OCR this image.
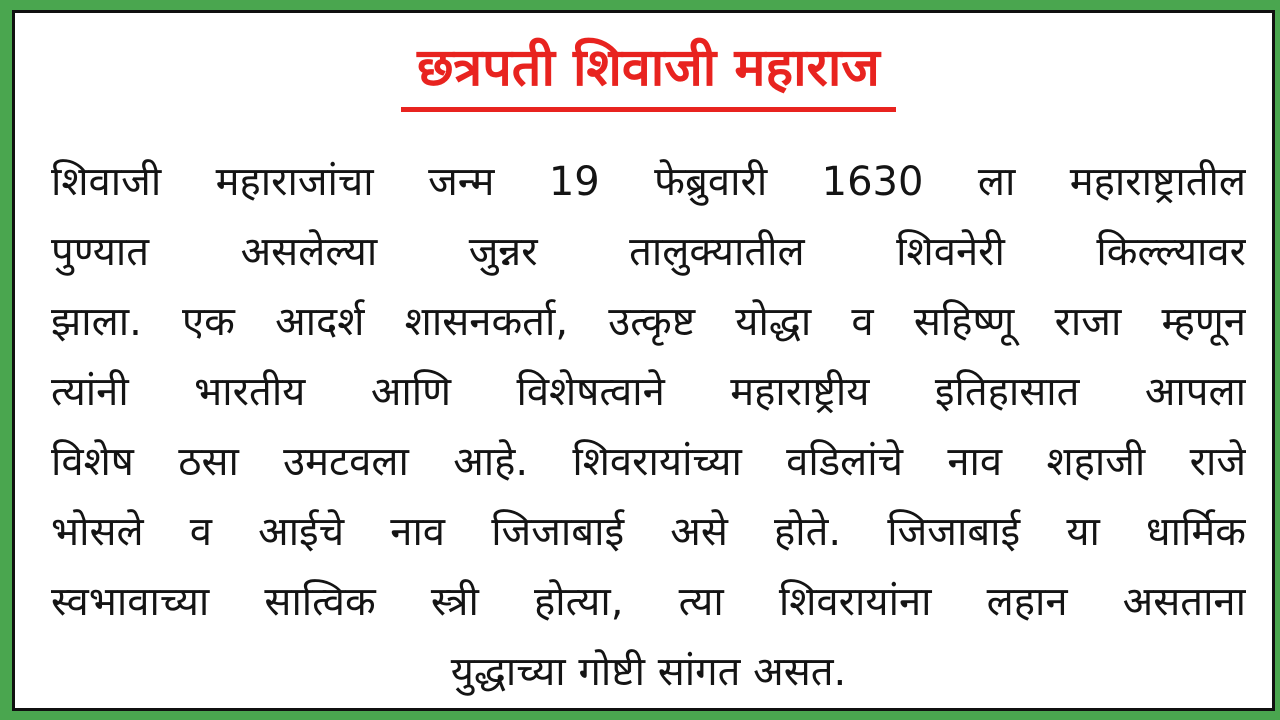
छत्रपती शिवाजी महाराज
शिवाजी महाराजांचा जन्म 19 फेब्रुवारी 1630 ला महाराष्ट्रातील
पुण्यात असलेल्या जुन्नर तालुक्यातील शिवनेरी किल्ल्यावर
झाला. एक आदर्श शासनकर्ता, उत्कृष्ट योद्धा व सहिष्णू राजा म्हणून
त्यांनी भारतीय आणि विशेषत्वाने महाराष्ट्रीय इतिहासात आपला
विशेष ठसा उमटवला आहे. शिवरायांच्या वडिलांचे नाव शहाजी राजे
भोसले व आईचे नाव जिजाबाई असे होते. जिजाबाई या धार्मिक
स्वभावाच्या सात्विक स्त्री होत्या, त्या शिवरायांना लहान असताना
युद्धाच्या गोष्टी सांगत असत.
